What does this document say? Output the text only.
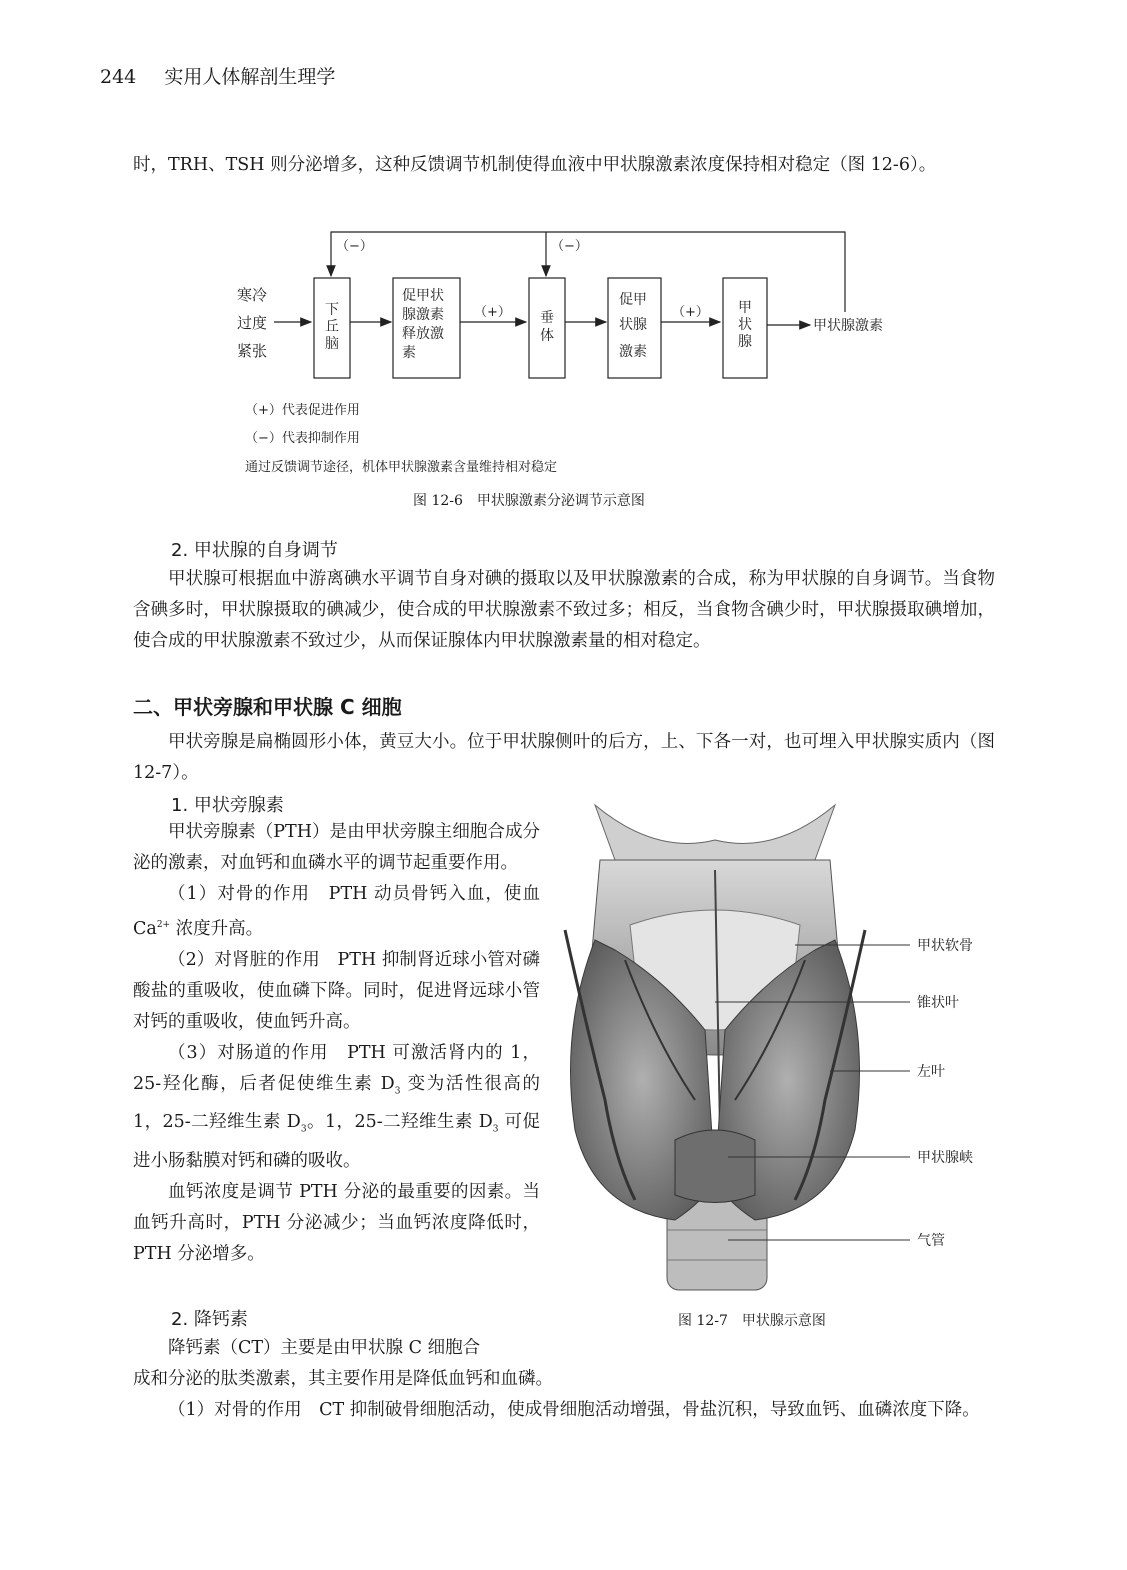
244 实用人体解剖生理学
时，TRH、TSH 则分泌增多，这种反馈调节机制使得血液中甲状腺激素浓度保持相对稳定（图 12-6）。
寒冷
过度
紧张
下
丘
脑
促甲状
腺激素
释放激
素
（+） 垂
体
促甲
状腺
激素
（+） 甲
状
腺
甲状腺激素
（−）	（−）
（+）代表促进作用
（−）代表抑制作用
通过反馈调节途径，机体甲状腺激素含量维持相对稳定
图 12-6　甲状腺激素分泌调节示意图
2. 甲状腺的自身调节

甲状腺可根据血中游离碘水平调节自身对碘的摄取以及甲状腺激素的合成，称为甲状腺的自身调节。当食物含碘多时，甲状腺摄取的碘减少，使合成的甲状腺激素不致过多；相反，当食物含碘少时，甲状腺摄取碘增加，使合成的甲状腺激素不致过少，从而保证腺体内甲状腺激素量的相对稳定。

二、甲状旁腺和甲状腺 C 细胞

甲状旁腺是扁椭圆形小体，黄豆大小。位于甲状腺侧叶的后方，上、下各一对，也可埋入甲状腺实质内（图 12-7）。

1. 甲状旁腺素

甲状旁腺素（PTH）是由甲状旁腺主细胞合成分泌的激素，对血钙和血磷水平的调节起重要作用。

（1）对骨的作用　PTH 动员骨钙入血，使血 $Ca^{2+}$ 浓度升高。

（2）对肾脏的作用　PTH 抑制肾近球小管对磷酸盐的重吸收，使血磷下降。同时，促进肾远球小管对钙的重吸收，使血钙升高。

（3）对肠道的作用　PTH 可激活肾内的 1，25-羟化酶，后者促使维生素 $D_3$ 变为活性很高的 1，25-二羟维生素 $D_3$。1，25-二羟维生素 $D_3$ 可促进小肠黏膜对钙和磷的吸收。

血钙浓度是调节 PTH 分泌的最重要的因素。当血钙升高时，PTH 分泌减少；当血钙浓度降低时，PTH 分泌增多。

2. 降钙素
降钙素（CT）主要是由甲状腺 C 细胞合
成和分泌的肽类激素，其主要作用是降低血钙和血磷。

（1）对骨的作用　CT 抑制破骨细胞活动，使成骨细胞活动增强，骨盐沉积，导致血钙、血磷浓度下降。

甲状软骨
锥状叶
左叶
甲状腺峡
气管
图 12-7　甲状腺示意图
